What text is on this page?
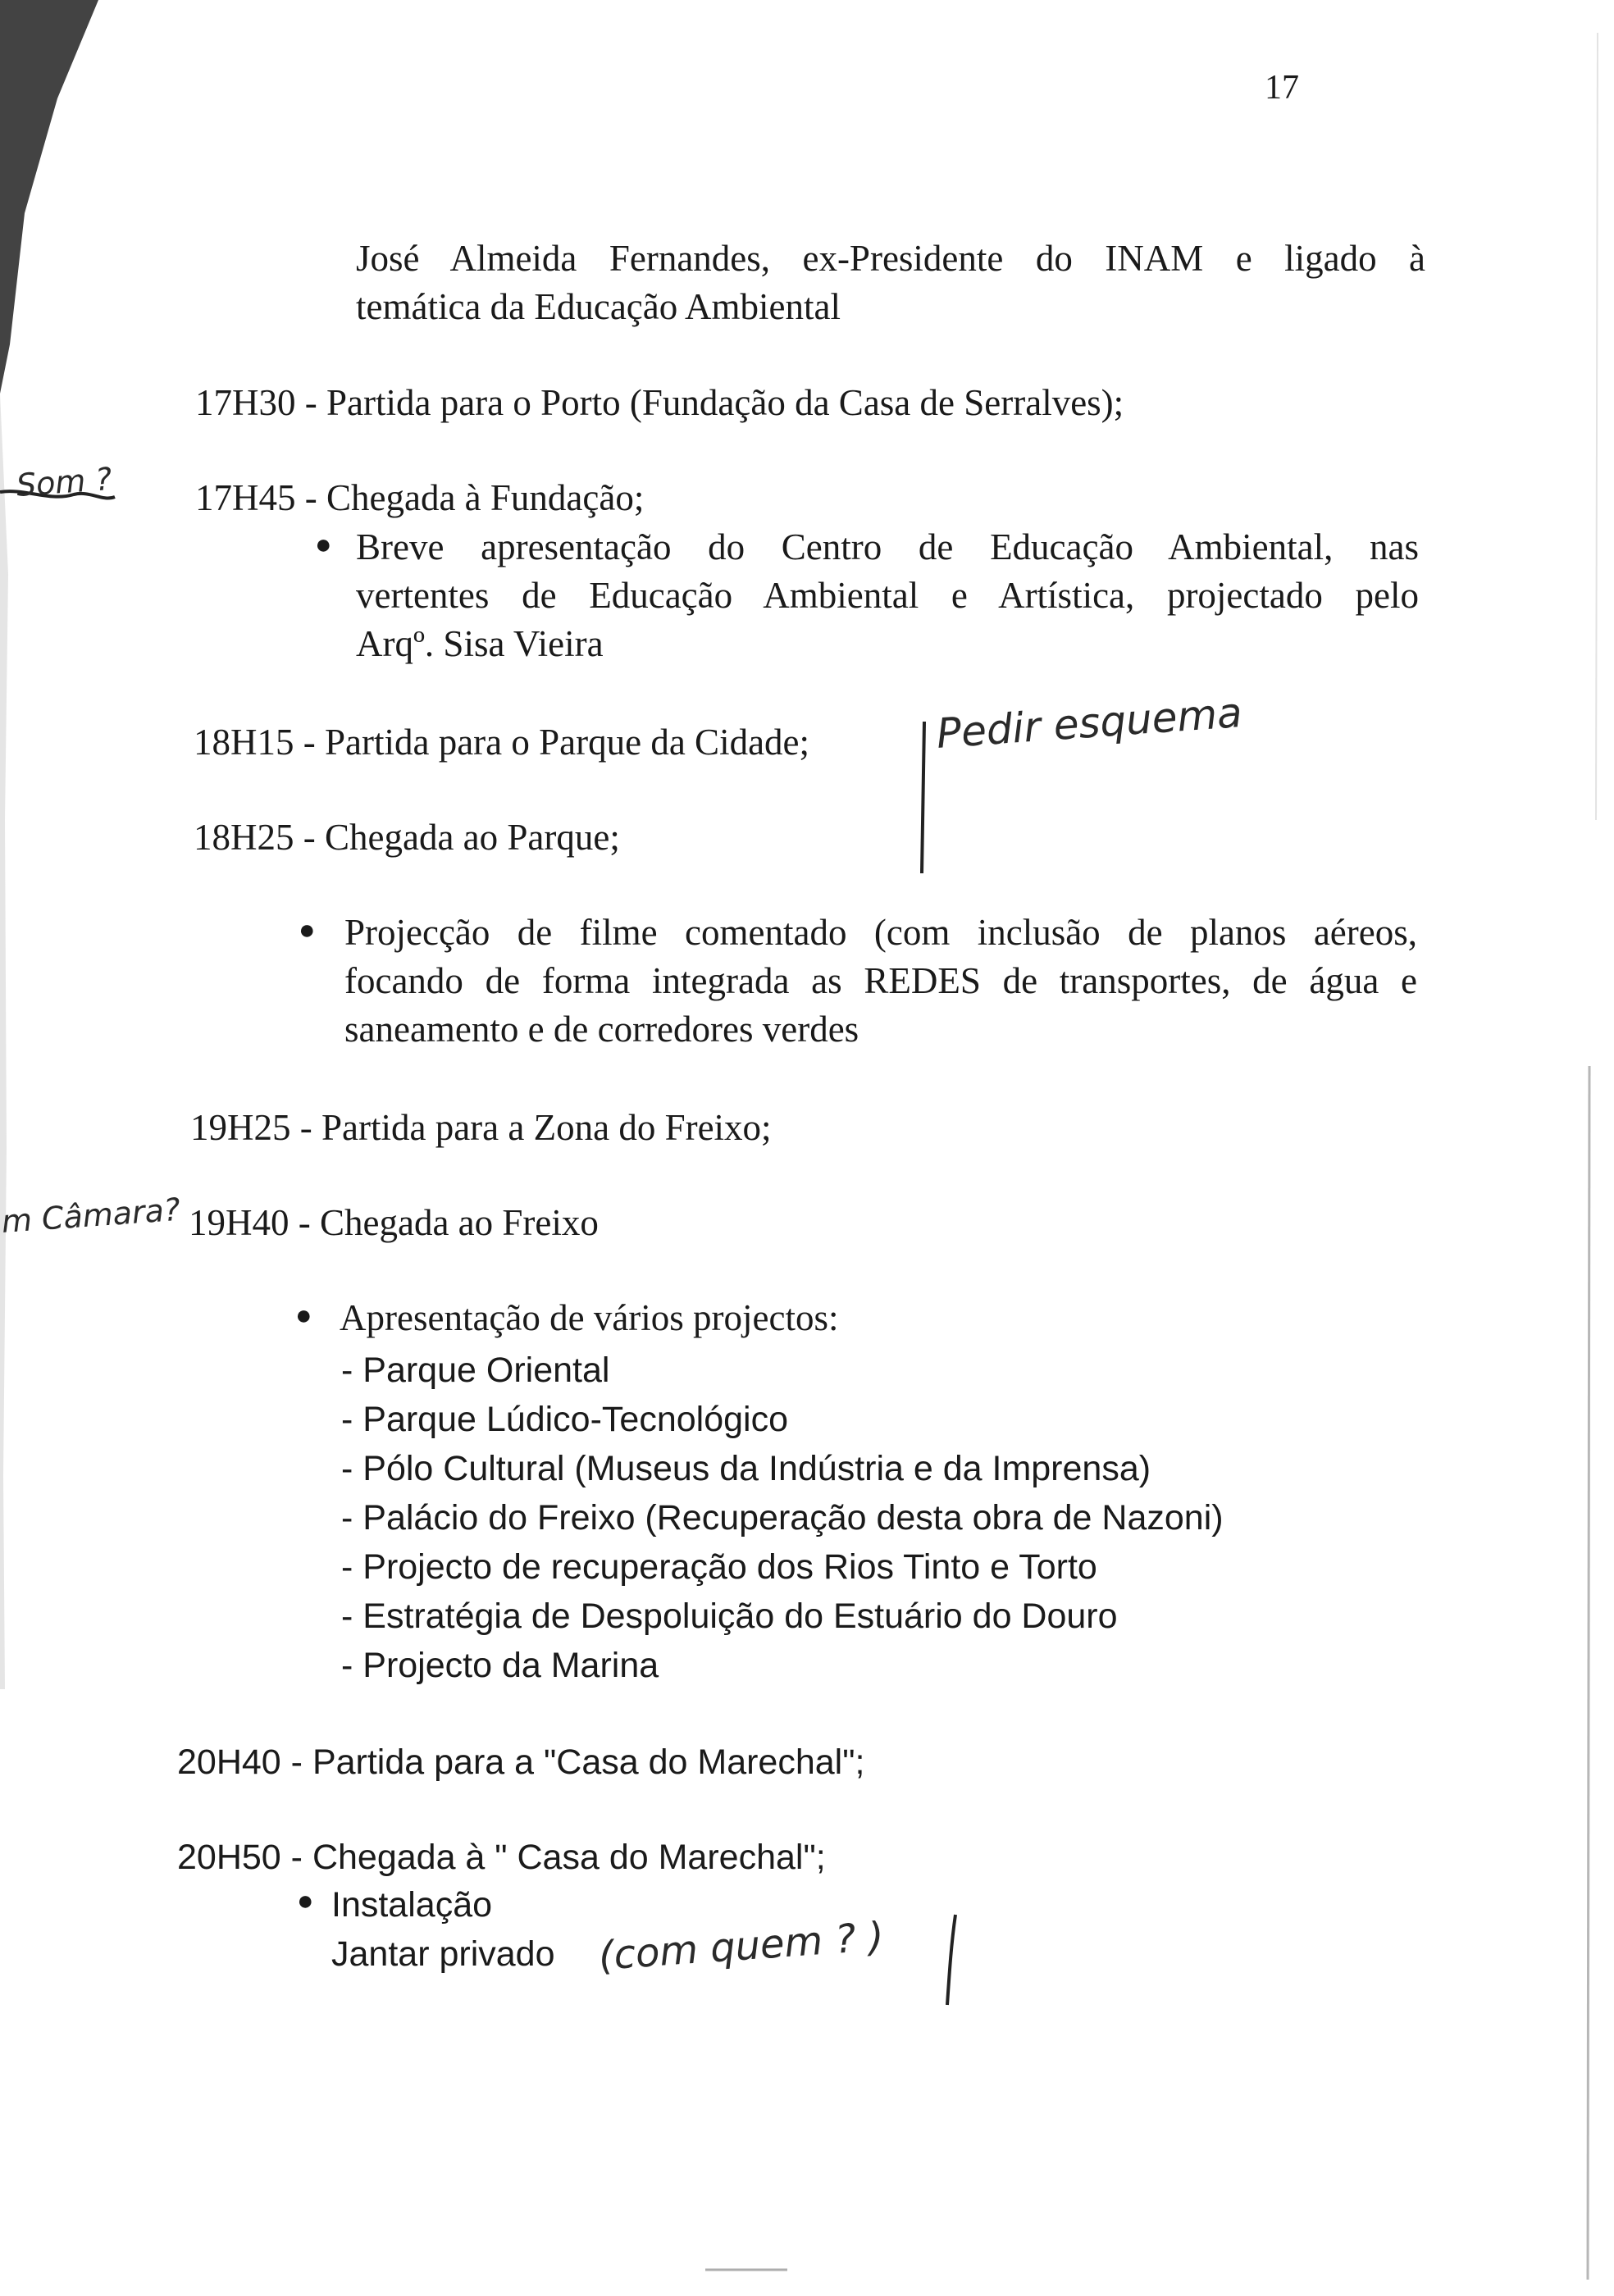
17
José Almeida Fernandes, ex-Presidente do INAM e ligado à
temática da Educação Ambiental
17H30 - Partida para o Porto (Fundação da Casa de Serralves);
17H45 - Chegada à Fundação;
● Breve apresentação do Centro de Educação Ambiental, nas
vertentes de Educação Ambiental e Artística, projectado pelo
Arqº. Sisa Vieira
18H15 - Partida para o Parque da Cidade;
18H25 - Chegada ao Parque;
● Projecção de filme comentado (com inclusão de planos aéreos,
focando de forma integrada as REDES de transportes, de água e
saneamento e de corredores verdes
19H25 - Partida para a Zona do Freixo;
19H40 - Chegada ao Freixo
● Apresentação de vários projectos:
- Parque Oriental
- Parque Lúdico-Tecnológico
- Pólo Cultural (Museus da Indústria e da Imprensa)
- Palácio do Freixo (Recuperação desta obra de Nazoni)
- Projecto de recuperação dos Rios Tinto e Torto
- Estratégia de Despoluição do Estuário do Douro
- Projecto da Marina
20H40 - Partida para a "Casa do Marechal";
20H50 - Chegada à " Casa do Marechal";
● Instalação
Jantar privado
Som ?
m Câmara?
Pedir esquema
(com quem ? )
